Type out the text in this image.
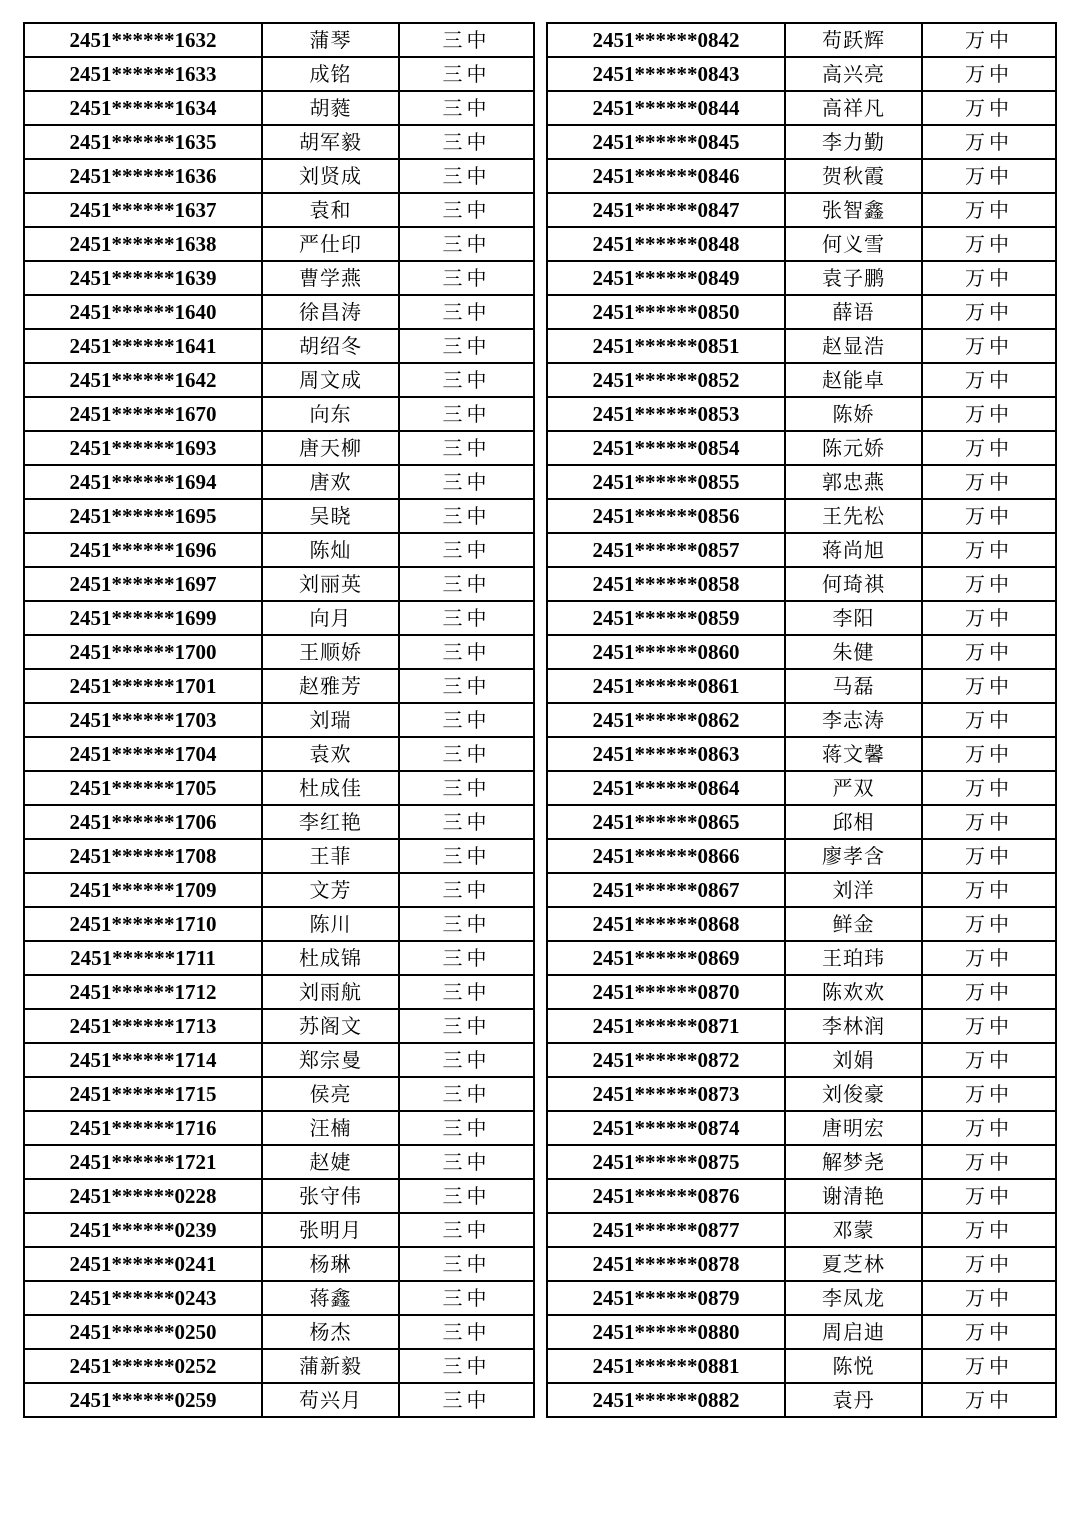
2451******1632	蒲琴	三中
2451******1633	成铭	三中
2451******1634	胡蕤	三中
2451******1635	胡军毅	三中
2451******1636	刘贤成	三中
2451******1637	袁和	三中
2451******1638	严仕印	三中
2451******1639	曹学燕	三中
2451******1640	徐昌涛	三中
2451******1641	胡绍冬	三中
2451******1642	周文成	三中
2451******1670	向东	三中
2451******1693	唐天柳	三中
2451******1694	唐欢	三中
2451******1695	吴晓	三中
2451******1696	陈灿	三中
2451******1697	刘丽英	三中
2451******1699	向月	三中
2451******1700	王顺娇	三中
2451******1701	赵雅芳	三中
2451******1703	刘瑞	三中
2451******1704	袁欢	三中
2451******1705	杜成佳	三中
2451******1706	李红艳	三中
2451******1708	王菲	三中
2451******1709	文芳	三中
2451******1710	陈川	三中
2451******1711	杜成锦	三中
2451******1712	刘雨航	三中
2451******1713	苏阁文	三中
2451******1714	郑宗曼	三中
2451******1715	侯亮	三中
2451******1716	汪楠	三中
2451******1721	赵婕	三中
2451******0228	张守伟	三中
2451******0239	张明月	三中
2451******0241	杨琳	三中
2451******0243	蒋鑫	三中
2451******0250	杨杰	三中
2451******0252	蒲新毅	三中
2451******0259	苟兴月	三中
2451******0842	苟跃辉	万中
2451******0843	高兴亮	万中
2451******0844	高祥凡	万中
2451******0845	李力勤	万中
2451******0846	贺秋霞	万中
2451******0847	张智鑫	万中
2451******0848	何义雪	万中
2451******0849	袁子鹏	万中
2451******0850	薛语	万中
2451******0851	赵显浩	万中
2451******0852	赵能卓	万中
2451******0853	陈娇	万中
2451******0854	陈元娇	万中
2451******0855	郭忠燕	万中
2451******0856	王先松	万中
2451******0857	蒋尚旭	万中
2451******0858	何琦祺	万中
2451******0859	李阳	万中
2451******0860	朱健	万中
2451******0861	马磊	万中
2451******0862	李志涛	万中
2451******0863	蒋文馨	万中
2451******0864	严双	万中
2451******0865	邱相	万中
2451******0866	廖孝含	万中
2451******0867	刘洋	万中
2451******0868	鲜金	万中
2451******0869	王珀玮	万中
2451******0870	陈欢欢	万中
2451******0871	李林润	万中
2451******0872	刘娟	万中
2451******0873	刘俊豪	万中
2451******0874	唐明宏	万中
2451******0875	解梦尧	万中
2451******0876	谢清艳	万中
2451******0877	邓蒙	万中
2451******0878	夏芝林	万中
2451******0879	李凤龙	万中
2451******0880	周启迪	万中
2451******0881	陈悦	万中
2451******0882	袁丹	万中
